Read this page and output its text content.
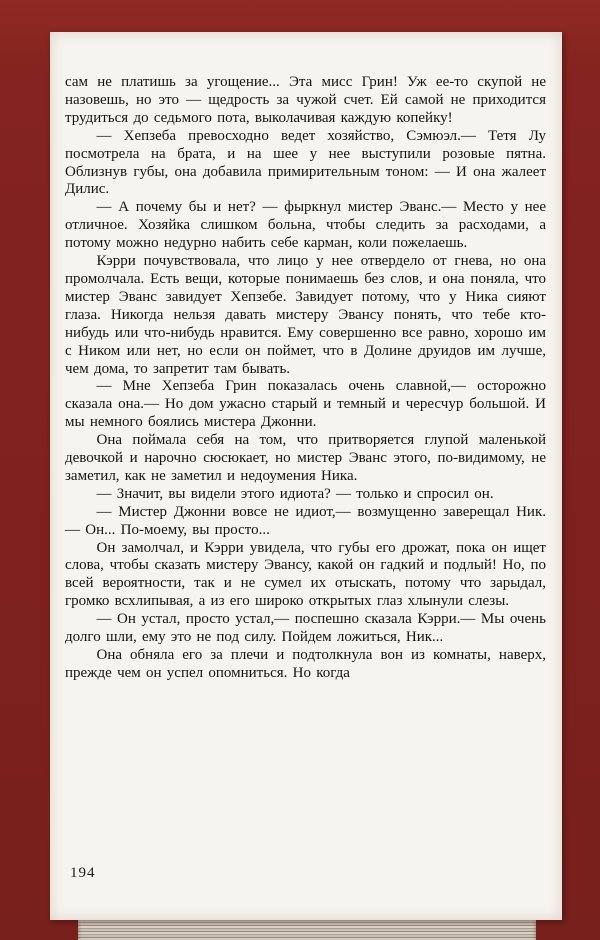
сам не платишь за угощение... Эта мисс Грин! Уж ее-то скупой не назовешь, но это — щедрость за чужой счет. Ей самой не приходится трудиться до седьмого пота, выколачивая каждую копейку!

— Хепзеба превосходно ведет хозяйство, Сэмюэл.— Тетя Лу посмотрела на брата, и на шее у нее выступили розовые пятна. Облизнув губы, она добавила примирительным тоном: — И она жалеет Дилис.

— А почему бы и нет? — фыркнул мистер Эванс.— Место у нее отличное. Хозяйка слишком больна, чтобы следить за расходами, а потому можно недурно набить себе карман, коли пожелаешь.

Кэрри почувствовала, что лицо у нее отвердело от гнева, но она промолчала. Есть вещи, которые понимаешь без слов, и она поняла, что мистер Эванс завидует Хепзебе. Завидует потому, что у Ника сияют глаза. Никогда нельзя давать мистеру Эвансу понять, что тебе кто-нибудь или что-нибудь нравится. Ему совершенно все равно, хорошо им с Ником или нет, но если он поймет, что в Долине друидов им лучше, чем дома, то запретит там бывать.

— Мне Хепзеба Грин показалась очень славной,— осторожно сказала она.— Но дом ужасно старый и темный и чересчур большой. И мы немного боялись мистера Джонни.

Она поймала себя на том, что притворяется глупой маленькой девочкой и нарочно сюсюкает, но мистер Эванс этого, по-видимому, не заметил, как не заметил и недоумения Ника.

— Значит, вы видели этого идиота? — только и спросил он.

— Мистер Джонни вовсе не идиот,— возмущенно заверещал Ник.— Он... По-моему, вы просто...

Он замолчал, и Кэрри увидела, что губы его дрожат, пока он ищет слова, чтобы сказать мистеру Эвансу, какой он гадкий и подлый! Но, по всей вероятности, так и не сумел их отыскать, потому что зарыдал, громко всхлипывая, а из его широко открытых глаз хлынули слезы.

— Он устал, просто устал,— поспешно сказала Кэрри.— Мы очень долго шли, ему это не под силу. Пойдем ложиться, Ник...

Она обняла его за плечи и подтолкнула вон из комнаты, наверх, прежде чем он успел опомниться. Но когда

194
